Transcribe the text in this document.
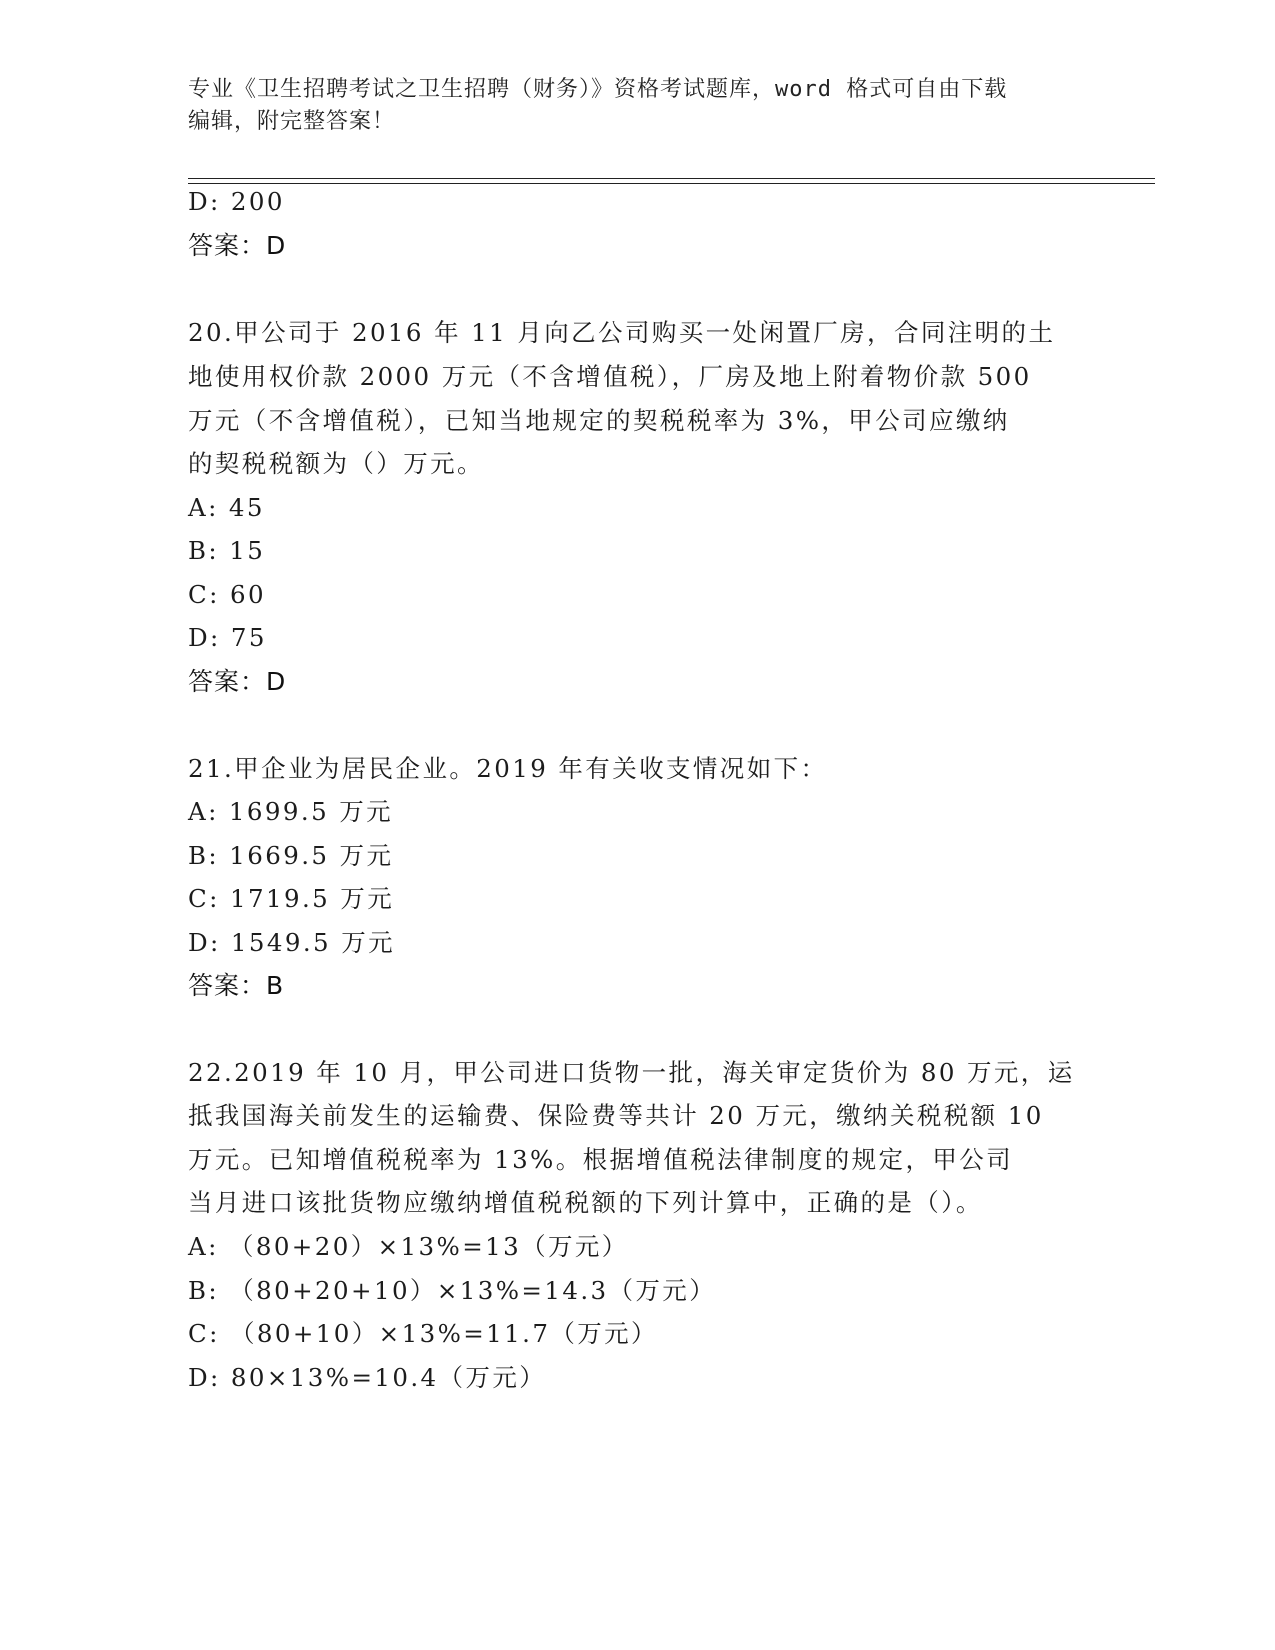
专业《卫生招聘考试之卫生招聘（财务）》资格考试题库，word 格式可自由下载
编辑，附完整答案！
D: 200
答案：D
20.甲公司于 2016 年 11 月向乙公司购买一处闲置厂房，合同注明的土
地使用权价款 2000 万元（不含增值税），厂房及地上附着物价款 500
万元（不含增值税），已知当地规定的契税税率为 3%，甲公司应缴纳
的契税税额为（）万元。
A: 45
B: 15
C: 60
D: 75
答案：D
21.甲企业为居民企业。2019 年有关收支情况如下：
A: 1699.5 万元
B: 1669.5 万元
C: 1719.5 万元
D: 1549.5 万元
答案：B
22.2019 年 10 月，甲公司进口货物一批，海关审定货价为 80 万元，运
抵我国海关前发生的运输费、保险费等共计 20 万元，缴纳关税税额 10
万元。已知增值税税率为 13%。根据增值税法律制度的规定，甲公司
当月进口该批货物应缴纳增值税税额的下列计算中，正确的是（）。
A: （80+20）×13%=13（万元）
B: （80+20+10）×13%=14.3（万元）
C: （80+10）×13%=11.7（万元）
D: 80×13%=10.4（万元）
